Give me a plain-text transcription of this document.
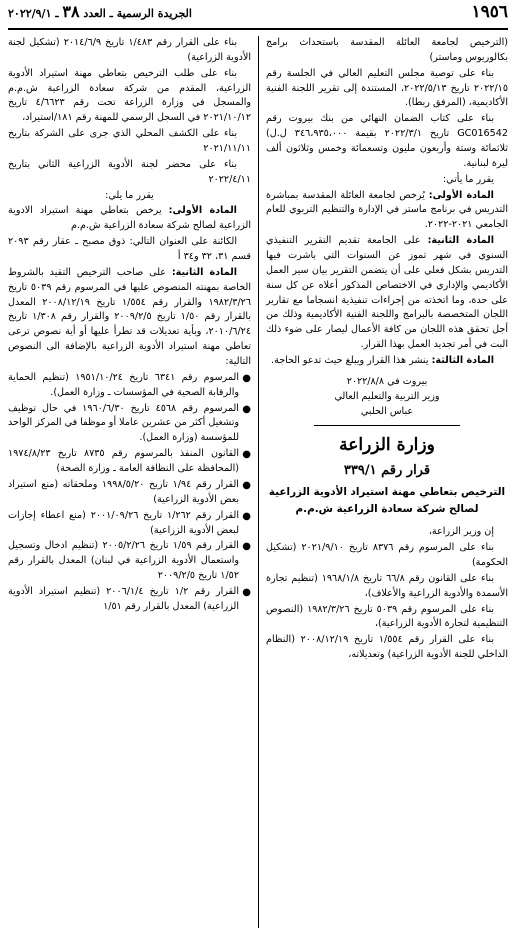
١٩٥٦
الجريدة الرسمية ـ العدد ٣٨ ـ ٢٠٢٢/٩/١

(الترخيص لجامعة العائلة المقدسة باستحداث برامج بكالوريوس وماستر)

بناء على توصية مجلس التعليم العالي في الجلسة رقم ٢٠٢٢/١٥ تاريخ ٢٠٢٢/٥/١٣، المستندة إلى تقرير اللجنة الفنية الأكاديمية، (المرفق ربطا).

بناء على كتاب الضمان النهائي من بنك بيروت رقم GC016542 تاريخ ٢٠٢٢/٣/١ بقيمة ٣٤٦،٩٣٥،٠٠٠ ل.ل) ثلاثمائة وستة وأربعون مليون وتسعمائة وخمس وثلاثون ألف ليرة لبنانية.

يقرر ما يأتي:

المادة الأولى: يُرخص لجامعة العائلة المقدسة بمباشرة التدريس في برنامج ماستر في الإدارة والتنظيم التربوي للعام الجامعي ٢٠٢١-٢٠٢٢.

المادة الثانية: على الجامعة تقديم التقرير التنفيذي السنوي في شهر تموز عن السنوات التي باشرت فيها التدريس بشكل فعلي على أن يتضمن التقرير بيان سير العمل الأكاديمي والإداري في الاختصاص المذكور أعلاه عن كل سنة على حدة، وما اتخذته من إجراءات تنفيذية انسجاما مع تقارير اللجان المتخصصة بالبرامج واللجنة الفنية الأكاديمية وذلك من أجل تحقق هذه اللجان من كافة الأعمال ليصار على ضوء ذلك البت في أمر تجديد العمل بهذا القرار.

المادة الثالثة: ينشر هذا القرار ويبلغ حيث تدعو الحاجة.

بيروت في ٢٠٢٢/٨/٨
وزير التربية والتعليم العالي
عباس الحلبي
وزارة الزراعة
قرار رقم ٣٣٩/١
الترخيص بتعاطي مهنة استيراد الأدوية الزراعية لصالح شركة سعادة الزراعية ش.م.م

إن وزير الزراعة،

بناء على المرسوم رقم ٨٣٧٦ تاريخ ٢٠٢١/٩/١٠ (تشكيل الحكومة)

بناء على القانون رقم ٦٦/٨ تاريخ ١٩٦٨/١/٨ (تنظيم تجارة الأسمدة والأدوية الزراعية والأعلاف)،

بناء على المرسوم رقم ٥٠٣٩ تاريخ ١٩٨٢/٣/٢٦ (النصوص التنظيمية لتجارة الأدوية الزراعية)،

بناء على القرار رقم ١/٥٥٤ تاريخ ٢٠٠٨/١٢/١٩ (النظام الداخلي للجنة الأدوية الزراعية) وتعديلاته،

بناء على القرار رقم ١/٤٨٣ تاريخ ٢٠١٤/٦/٩ (تشكيل لجنة الأدوية الزراعية)

بناء على طلب الترخيص بتعاطي مهنة استيراد الأدوية الزراعية، المقدم من شركة سعادة الزراعية ش.م.م والمسجل في وزارة الزراعة تحت رقم ٤/٦٦٢٣ تاريخ ٢٠٢١/١٠/١٢ في السجل الرسمي للمهنة رقم ١٨١/استيراد،

بناء على الكشف المحلي الذي جرى على الشركة بتاريخ ٢٠٢١/١١/١١

بناء على محضر لجنة الأدوية الزراعية الثاني بتاريخ ٢٠٢٢/٤/١١

يقرر ما يلي:

المادة الأولى: يرخص بتعاطي مهنة استيراد الادوية الزراعية لصالح شركة سعادة الزراعية ش.م.م

الكائنة على العنوان التالي: ذوق مصبح ـ عقار رقم ٢٠٩٣ قسم ٣١، ٣٢ و٣٤ أ

المادة الثانية: على صاحب الترخيص التقيد بالشروط الخاصة بمهنته المنصوص عليها في المرسوم رقم ٥٠٣٩ تاريخ ١٩٨٢/٣/٢٦ والقرار رقم ١/٥٥٤ تاريخ ٢٠٠٨/١٢/١٩ المعدل بالقرار رقم ١/٥٠ تاريخ ٢٠٠٩/٢/٥ والقرار رقم ١/٣٠٨ تاريخ ٢٠١٠/٦/٢٤، وبأية تعديلات قد تطرأ عليها أو أية نصوص ترعى تعاطي مهنة استيراد الأدوية الزراعية بالإضافة الى النصوص التالية:

●
المرسوم رقم ٦٣٤١ تاريخ ١٩٥١/١٠/٢٤ (تنظيم الحماية والرقابة الصحية في المؤسسات ـ وزارة العمل).

●
المرسوم رقم ٤٥٦٨ تاريخ ١٩٦٠/٦/٣٠ في حال توظيف وتشغيل أكثر من عشرين عاملا أو موظفا في المركز الواحد للمؤسسة (وزارة العمل).

●
القانون المنفذ بالمرسوم رقم ٨٧٣٥ تاريخ ١٩٧٤/٨/٢٣ (المحافظة على النظافة العامة ـ وزارة الصحة)

●
القرار رقم ١/٩٤ تاريخ ١٩٩٨/٥/٢٠ وملحقاته (منع استيراد بعض الأدوية الزراعية)

●
القرار رقم ١/٢٦٢ تاريخ ٢٠٠١/٠٩/٢٦ (منع اعطاء إجازات لبعض الأدوية الزراعية)

●
القرار رقم ١/٥٩ تاريخ ٢٠٠٥/٢/٢٦ (تنظيم ادخال وتسجيل واستعمال الأدوية الزراعية في لبنان) المعدل بالقرار رقم ١/٥٢ تاريخ ٢٠٠٩/٢/٥

●
القرار رقم ١/٢ تاريخ ٢٠٠٦/١/٤ (تنظيم استيراد الأدوية الزراعية) المعدل بالقرار رقم ١/٥١
